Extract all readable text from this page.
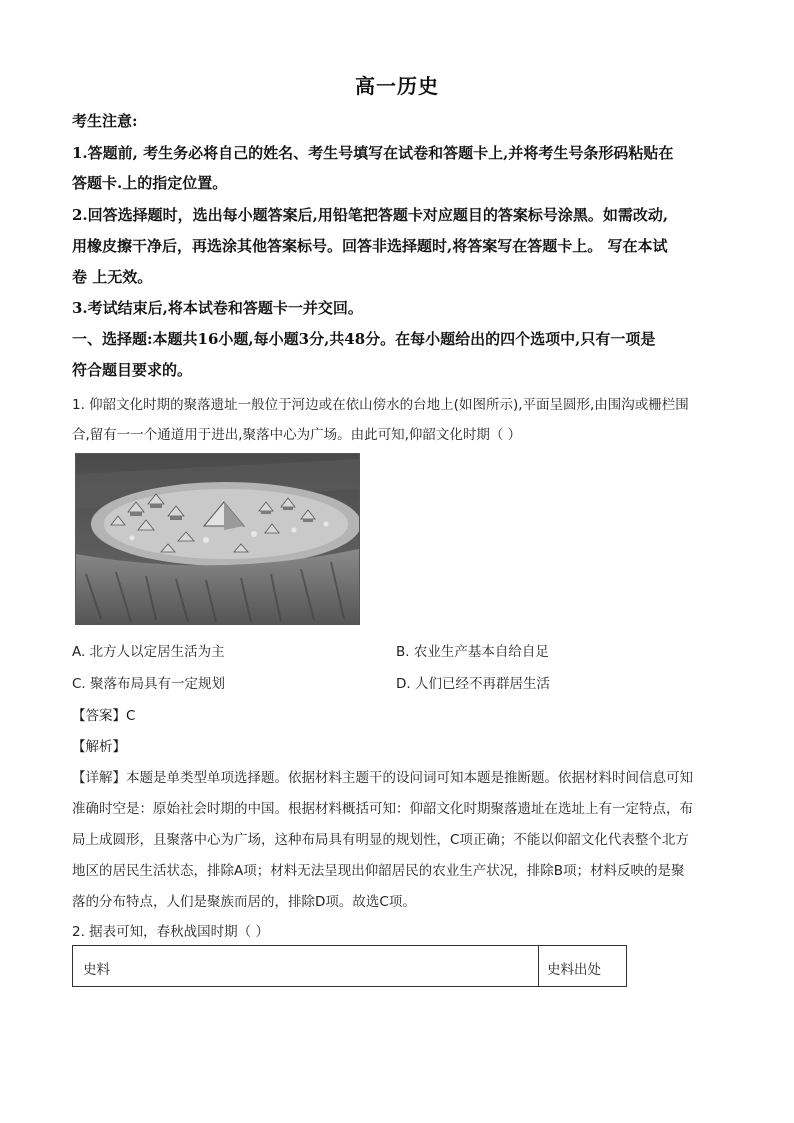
高一历史
考生注意:
1.答题前, 考生务必将自己的姓名、考生号填写在试卷和答题卡上,并将考生号条形码粘贴在
答题卡.上的指定位置。
2.回答选择题时，选出每小题答案后,用铅笔把答题卡对应题目的答案标号涂黑。如需改动,
用橡皮擦干净后，再选涂其他答案标号。回答非选择题时,将答案写在答题卡上。 写在本试
卷 上无效。
3.考试结束后,将本试卷和答题卡一并交回。
一、选择题:本题共16小题,每小题3分,共48分。在每小题给出的四个选项中,只有一项是
符合题目要求的。
1. 仰韶文化时期的聚落遗址一般位于河边或在依山傍水的台地上(如图所示),平面呈圆形,由围沟或栅栏围
合,留有一一个通道用于进出,聚落中心为广场。由此可知,仰韶文化时期（ ）
A. 北方人以定居生活为主	B. 农业生产基本自给自足
C. 聚落布局具有一定规划	D. 人们已经不再群居生活
【答案】C
【解析】
【详解】本题是单类型单项选择题。依据材料主题干的设问词可知本题是推断题。依据材料时间信息可知
准确时空是：原始社会时期的中国。根据材料概括可知：仰韶文化时期聚落遗址在选址上有一定特点，布
局上成圆形，且聚落中心为广场，这种布局具有明显的规划性，C项正确；不能以仰韶文化代表整个北方
地区的居民生活状态，排除A项；材料无法呈现出仰韶居民的农业生产状况，排除B项；材料反映的是聚
落的分布特点，人们是聚族而居的，排除D项。故选C项。
2. 据表可知，春秋战国时期（ ）
史料	史料出处
